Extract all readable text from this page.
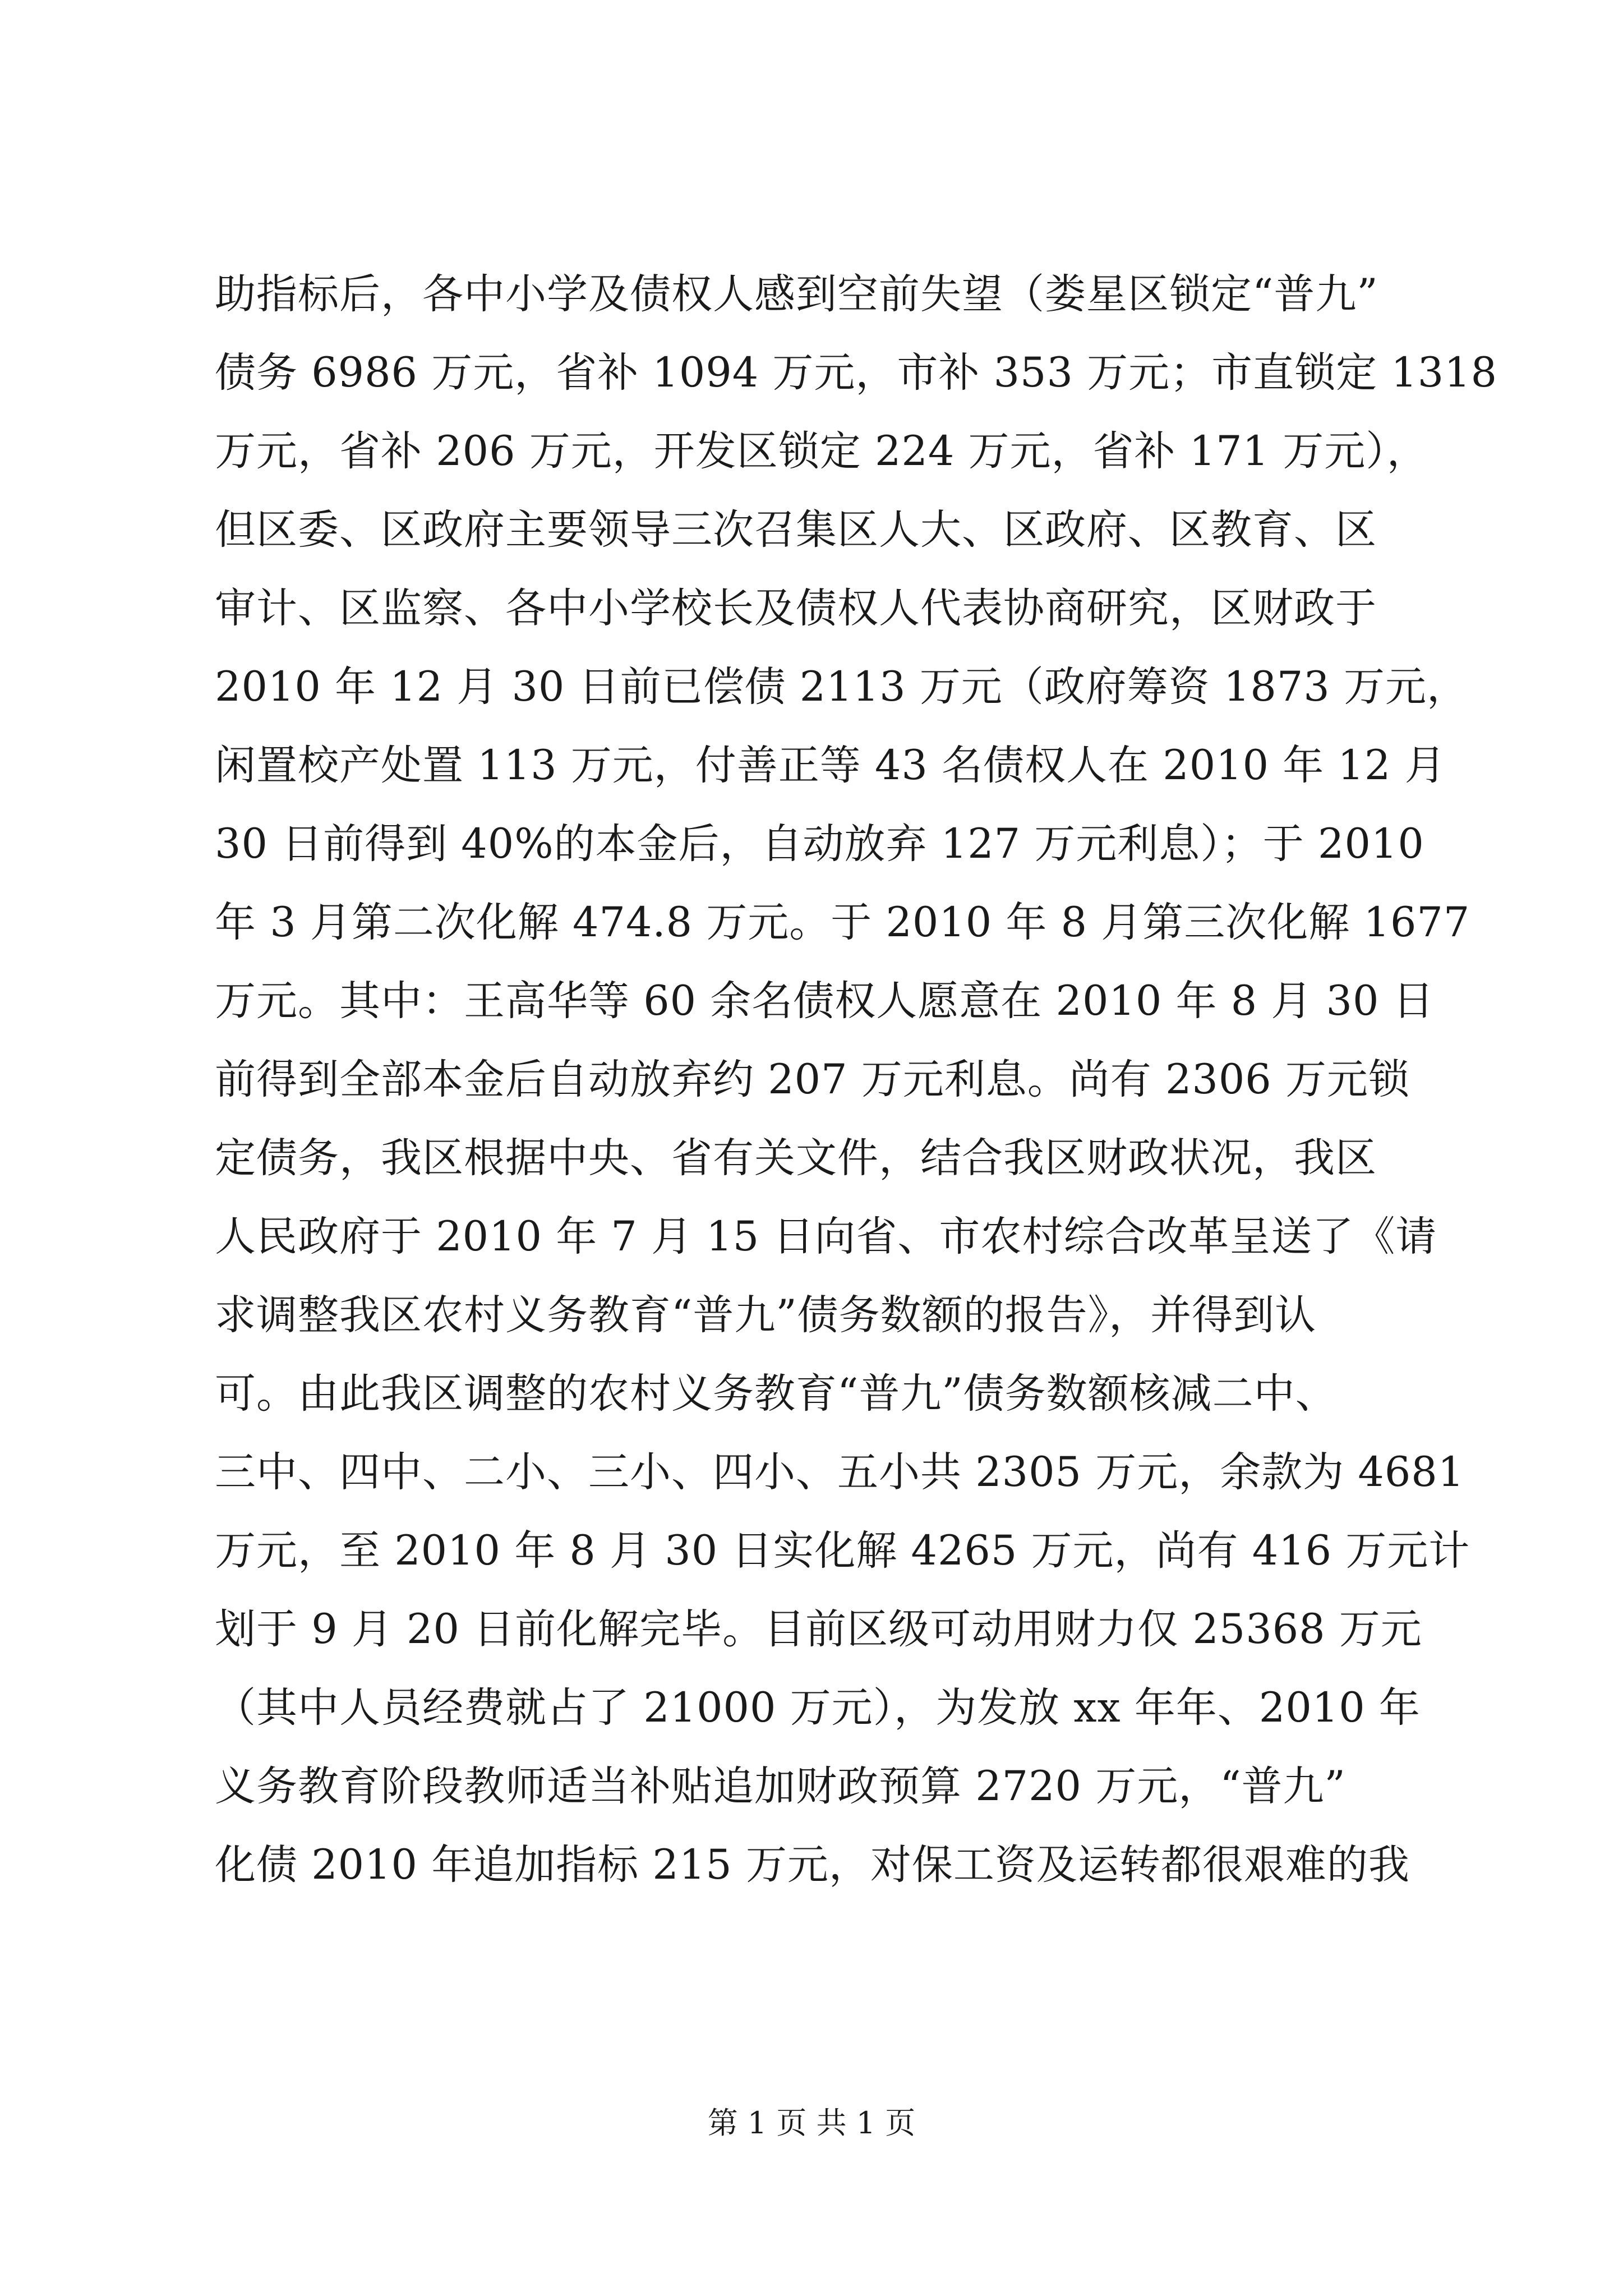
助指标后，各中小学及债权人感到空前失望（娄星区锁定“普九”
债务 6986 万元，省补 1094 万元，市补 353 万元；市直锁定 1318
万元，省补 206 万元，开发区锁定 224 万元，省补 171 万元），
但区委、区政府主要领导三次召集区人大、区政府、区教育、区
审计、区监察、各中小学校长及债权人代表协商研究，区财政于
2010 年 12 月 30 日前已偿债 2113 万元（政府筹资 1873 万元，
闲置校产处置 113 万元，付善正等 43 名债权人在 2010 年 12 月
30 日前得到 40%的本金后，自动放弃 127 万元利息）；于 2010
年 3 月第二次化解 474.8 万元。于 2010 年 8 月第三次化解 1677
万元。其中：王高华等 60 余名债权人愿意在 2010 年 8 月 30 日
前得到全部本金后自动放弃约 207 万元利息。尚有 2306 万元锁
定债务，我区根据中央、省有关文件，结合我区财政状况，我区
人民政府于 2010 年 7 月 15 日向省、市农村综合改革呈送了《请
求调整我区农村义务教育“普九”债务数额的报告》，并得到认
可。由此我区调整的农村义务教育“普九”债务数额核减二中、
三中、四中、二小、三小、四小、五小共 2305 万元，余款为 4681
万元，至 2010 年 8 月 30 日实化解 4265 万元，尚有 416 万元计
划于 9 月 20 日前化解完毕。目前区级可动用财力仅 25368 万元
（其中人员经费就占了 21000 万元），为发放 xx 年年、2010 年
义务教育阶段教师适当补贴追加财政预算 2720 万元，“普九”
化债 2010 年追加指标 215 万元，对保工资及运转都很艰难的我
第 1 页 共 1 页
